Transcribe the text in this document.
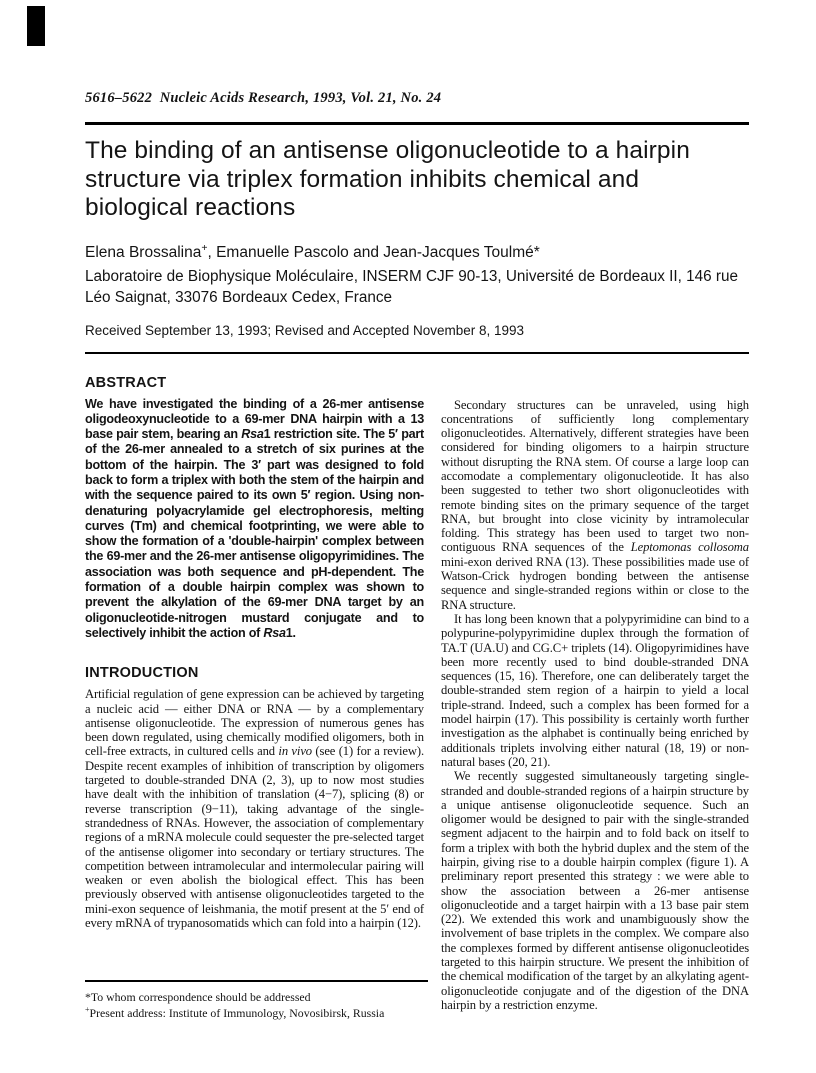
5616–5622  Nucleic Acids Research, 1993, Vol. 21, No. 24
The binding of an antisense oligonucleotide to a hairpin structure via triplex formation inhibits chemical and biological reactions
Elena Brossalina+, Emanuelle Pascolo and Jean-Jacques Toulmé*
Laboratoire de Biophysique Moléculaire, INSERM CJF 90-13, Université de Bordeaux II, 146 rue Léo Saignat, 33076 Bordeaux Cedex, France
Received September 13, 1993; Revised and Accepted November 8, 1993
ABSTRACT

We have investigated the binding of a 26-mer antisense oligodeoxynucleotide to a 69-mer DNA hairpin with a 13 base pair stem, bearing an Rsa1 restriction site. The 5′ part of the 26-mer annealed to a stretch of six purines at the bottom of the hairpin. The 3′ part was designed to fold back to form a triplex with both the stem of the hairpin and with the sequence paired to its own 5′ region. Using non-denaturing polyacrylamide gel electrophoresis, melting curves (Tm) and chemical footprinting, we were able to show the formation of a 'double-hairpin' complex between the 69-mer and the 26-mer antisense oligopyrimidines. The association was both sequence and pH-dependent. The formation of a double hairpin complex was shown to prevent the alkylation of the 69-mer DNA target by an oligonucleotide-nitrogen mustard conjugate and to selectively inhibit the action of Rsa1.

INTRODUCTION

Artificial regulation of gene expression can be achieved by targeting a nucleic acid — either DNA or RNA — by a complementary antisense oligonucleotide. The expression of numerous genes has been down regulated, using chemically modified oligomers, both in cell-free extracts, in cultured cells and in vivo (see (1) for a review). Despite recent examples of inhibition of transcription by oligomers targeted to double-stranded DNA (2, 3), up to now most studies have dealt with the inhibition of translation (4−7), splicing (8) or reverse transcription (9−11), taking advantage of the single-strandedness of RNAs. However, the association of complementary regions of a mRNA molecule could sequester the pre-selected target of the antisense oligomer into secondary or tertiary structures. The competition between intramolecular and intermolecular pairing will weaken or even abolish the biological effect. This has been previously observed with antisense oligonucleotides targeted to the mini-exon sequence of leishmania, the motif present at the 5′ end of every mRNA of trypanosomatids which can fold into a hairpin (12).

Secondary structures can be unraveled, using high concentrations of sufficiently long complementary oligonucleotides. Alternatively, different strategies have been considered for binding oligomers to a hairpin structure without disrupting the RNA stem. Of course a large loop can accomodate a complementary oligonucleotide. It has also been suggested to tether two short oligonucleotides with remote binding sites on the primary sequence of the target RNA, but brought into close vicinity by intramolecular folding. This strategy has been used to target two non-contiguous RNA sequences of the Leptomonas collosoma mini-exon derived RNA (13). These possibilities made use of Watson-Crick hydrogen bonding between the antisense sequence and single-stranded regions within or close to the RNA structure.

It has long been known that a polypyrimidine can bind to a polypurine-polypyrimidine duplex through the formation of TA.T (UA.U) and CG.C+ triplets (14). Oligopyrimidines have been more recently used to bind double-stranded DNA sequences (15, 16). Therefore, one can deliberately target the double-stranded stem region of a hairpin to yield a local triple-strand. Indeed, such a complex has been formed for a model hairpin (17). This possibility is certainly worth further investigation as the alphabet is continually being enriched by additionals triplets involving either natural (18, 19) or non-natural bases (20, 21).

We recently suggested simultaneously targeting single-stranded and double-stranded regions of a hairpin structure by a unique antisense oligonucleotide sequence. Such an oligomer would be designed to pair with the single-stranded segment adjacent to the hairpin and to fold back on itself to form a triplex with both the hybrid duplex and the stem of the hairpin, giving rise to a double hairpin complex (figure 1). A preliminary report presented this strategy : we were able to show the association between a 26-mer antisense oligonucleotide and a target hairpin with a 13 base pair stem (22). We extended this work and unambiguously show the involvement of base triplets in the complex. We compare also the complexes formed by different antisense oligonucleotides targeted to this hairpin structure. We present the inhibition of the chemical modification of the target by an alkylating agent-oligonucleotide conjugate and of the digestion of the DNA hairpin by a restriction enzyme.

*To whom correspondence should be addressed

+Present address: Institute of Immunology, Novosibirsk, Russia
